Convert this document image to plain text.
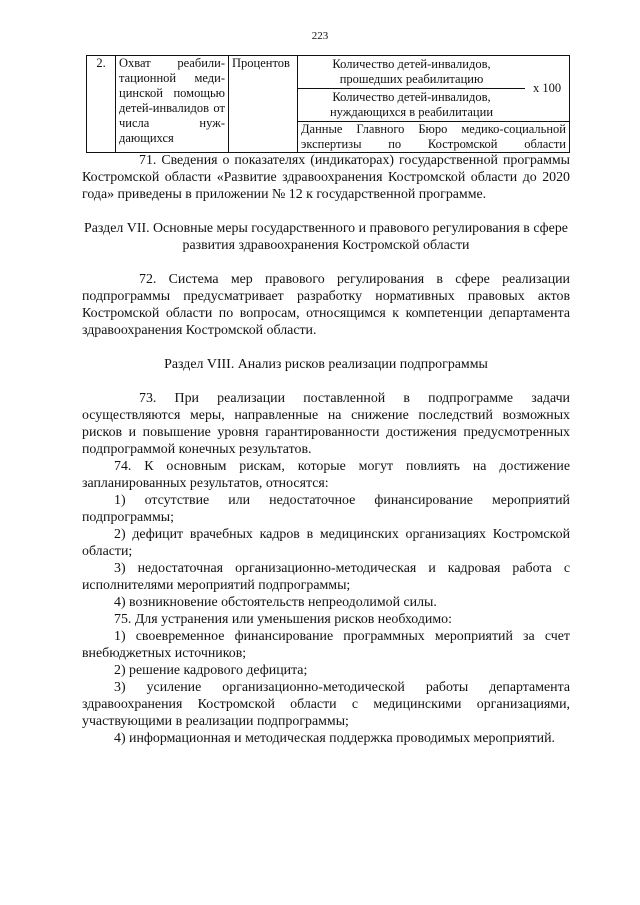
223
2.	Охват реабили-тационной меди-цинской помощью детей-инвалидов от числа нуж-дающихся	Процентов	$\frac{\text{Количество детей-инвалидов, прошедших реабилитацию}}{\text{Количество детей-инвалидов, нуждающихся в реабилитации}}$ x 100
Данные Главного Бюро медико-социальной экспертизы по Костромской области

71. Сведения о показателях (индикаторах) государственной программы Костромской области «Развитие здравоохранения Костромской области до 2020 года» приведены в приложении № 12 к государственной программе.

Раздел VII. Основные меры государственного и правового регулирования в сфере развития здравоохранения Костромской области

72. Система мер правового регулирования в сфере реализации подпрограммы предусматривает разработку нормативных правовых актов Костромской области по вопросам, относящимся к компетенции департамента здравоохранения Костромской области.

Раздел VIII. Анализ рисков реализации подпрограммы

73. При реализации поставленной в подпрограмме задачи осуществляются меры, направленные на снижение последствий возможных рисков и повышение уровня гарантированности достижения предусмотренных подпрограммой конечных результатов.

74. К основным рискам, которые могут повлиять на достижение запланированных результатов, относятся:

1) отсутствие или недостаточное финансирование мероприятий подпрограммы;

2) дефицит врачебных кадров в медицинских организациях Костромской области;

3) недостаточная организационно-методическая и кадровая работа с исполнителями мероприятий подпрограммы;

4) возникновение обстоятельств непреодолимой силы.

75. Для устранения или уменьшения рисков необходимо:

1) своевременное финансирование программных мероприятий за счет внебюджетных источников;

2) решение кадрового дефицита;

3) усиление организационно-методической работы департамента здравоохранения Костромской области с медицинскими организациями, участвующими в реализации подпрограммы;

4) информационная и методическая поддержка проводимых мероприятий.
